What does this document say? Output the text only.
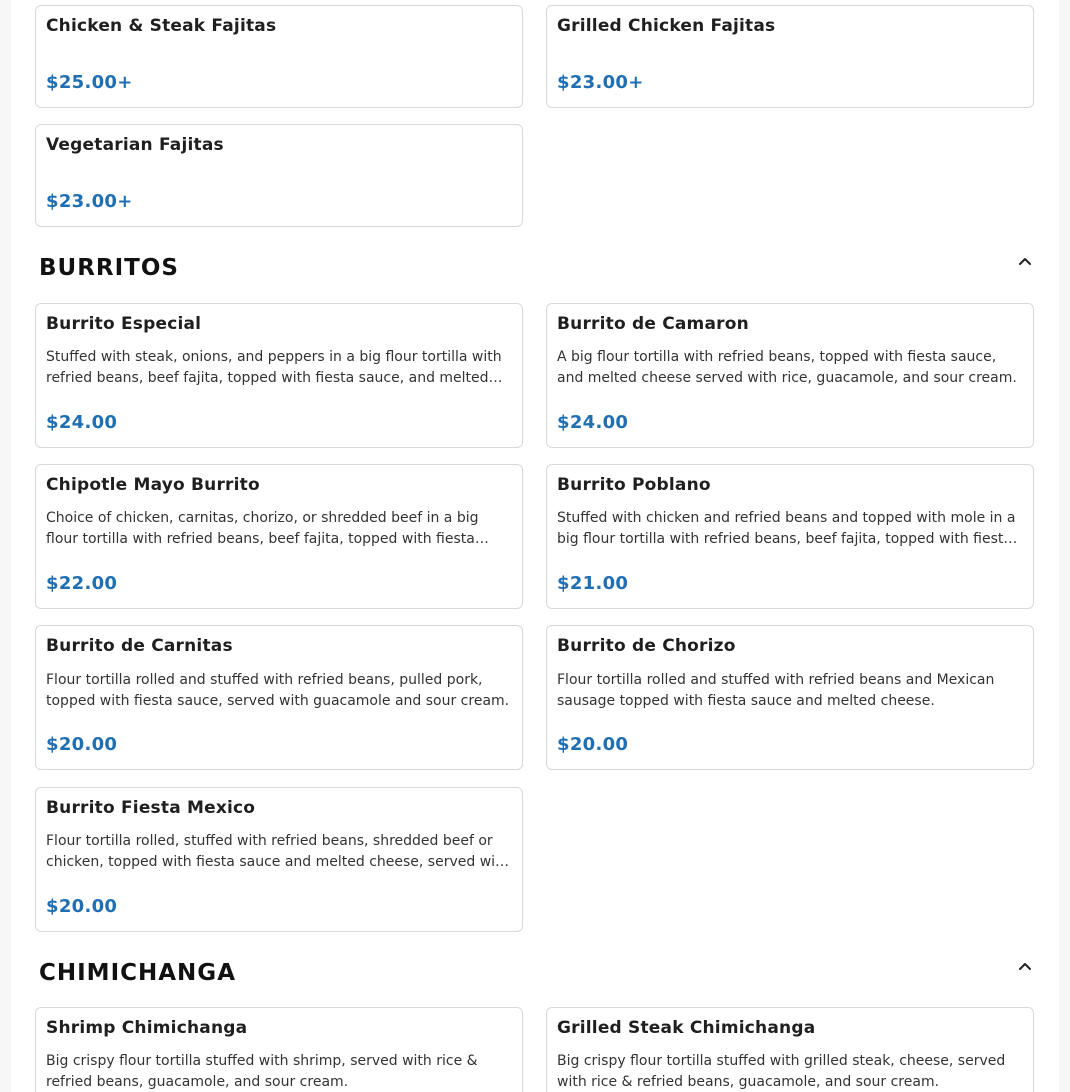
Chicken & Steak Fajitas
$25.00+
Grilled Chicken Fajitas
$23.00+
Vegetarian Fajitas
$23.00+
BURRITOS
Burrito Especial
Stuffed with steak, onions, and peppers in a big flour tortilla with refried beans, beef fajita, topped with fiesta sauce, and melted
$24.00
Burrito de Camaron
A big flour tortilla with refried beans, topped with fiesta sauce, and melted cheese served with rice, guacamole, and sour cream.
$24.00
Chipotle Mayo Burrito
Choice of chicken, carnitas, chorizo, or shredded beef in a big flour tortilla with refried beans, beef fajita, topped with fiesta
$22.00
Burrito Poblano
Stuffed with chicken and refried beans and topped with mole in a big flour tortilla with refried beans, beef fajita, topped with fiesta
$21.00
Burrito de Carnitas
Flour tortilla rolled and stuffed with refried beans, pulled pork, topped with fiesta sauce, served with guacamole and sour cream.
$20.00
Burrito de Chorizo
Flour tortilla rolled and stuffed with refried beans and Mexican sausage topped with fiesta sauce and melted cheese.
$20.00
Burrito Fiesta Mexico
Flour tortilla rolled, stuffed with refried beans, shredded beef or chicken, topped with fiesta sauce and melted cheese, served with
$20.00
CHIMICHANGA
Shrimp Chimichanga
Big crispy flour tortilla stuffed with shrimp, served with rice & refried beans, guacamole, and sour cream.
Grilled Steak Chimichanga
Big crispy flour tortilla stuffed with grilled steak, cheese, served with rice & refried beans, guacamole, and sour cream.
